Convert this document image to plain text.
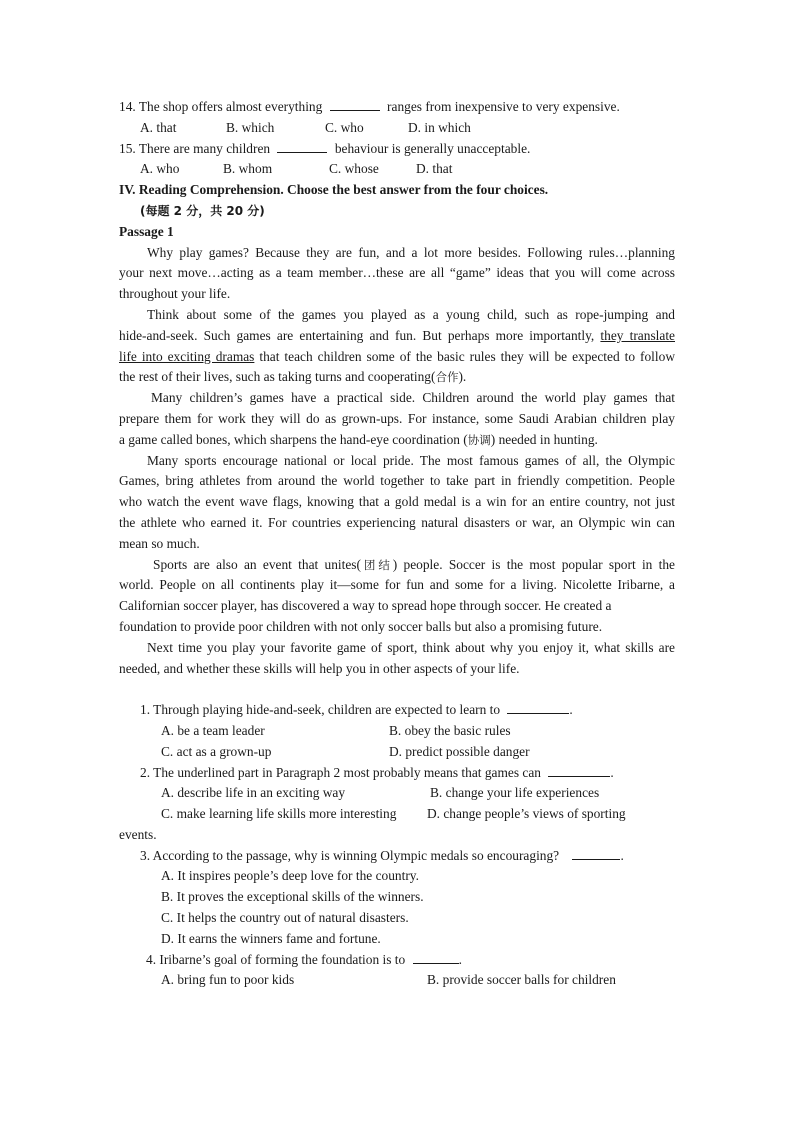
14. The shop offers almost everything	ranges from inexpensive to very expensive.
A. that	B. which	C. who	D. in which
15. There are many children	behaviour is generally unacceptable.
A. who	B. whom	C. whose	D. that
IV. Reading Comprehension. Choose the best answer from the four choices.
(每题 2 分，共 20 分)
Passage 1
Why play games? Because they are fun, and a lot more besides. Following rules…planning
your next move…acting as a team member…these are all “game” ideas that you will come across
throughout your life.
Think about some of the games you played as a young child, such as rope-jumping and
hide-and-seek. Such games are entertaining and fun. But perhaps more importantly, they translate
life into exciting dramas that teach children some of the basic rules they will be expected to follow
the rest of their lives, such as taking turns and cooperating(合作).
Many children’s games have a practical side. Children around the world play games that
prepare them for work they will do as grown-ups. For instance, some Saudi Arabian children play
a game called bones, which sharpens the hand-eye coordination (协调) needed in hunting.
Many sports encourage national or local pride. The most famous games of all, the Olympic
Games, bring athletes from around the world together to take part in friendly competition. People
who watch the event wave flags, knowing that a gold medal is a win for an entire country, not just
the athlete who earned it. For countries experiencing natural disasters or war, an Olympic win can
mean so much.
Sports are also an event that unites(团结) people. Soccer is the most popular sport in the
world. People on all continents play it—some for fun and some for a living. Nicolette Iribarne, a
Californian soccer player, has discovered a way to spread hope through soccer. He created a
foundation to provide poor children with not only soccer balls but also a promising future.
Next time you play your favorite game of sport, think about why you enjoy it, what skills are
needed, and whether these skills will help you in other aspects of your life.
1. Through playing hide-and-seek, children are expected to learn to	.
A. be a team leader	B. obey the basic rules
C. act as a grown-up	D. predict possible danger
2. The underlined part in Paragraph 2 most probably means that games can	.
A. describe life in an exciting way	B. change your life experiences
C. make learning life skills more interesting D. change people’s views of sporting
events.
3. According to the passage, why is winning Olympic medals so encouraging?	.
A. It inspires people’s deep love for the country.
B. It proves the exceptional skills of the winners.
C. It helps the country out of natural disasters.
D. It earns the winners fame and fortune.
4. Iribarne’s goal of forming the foundation is to	.
A. bring fun to poor kids	B. provide soccer balls for children
